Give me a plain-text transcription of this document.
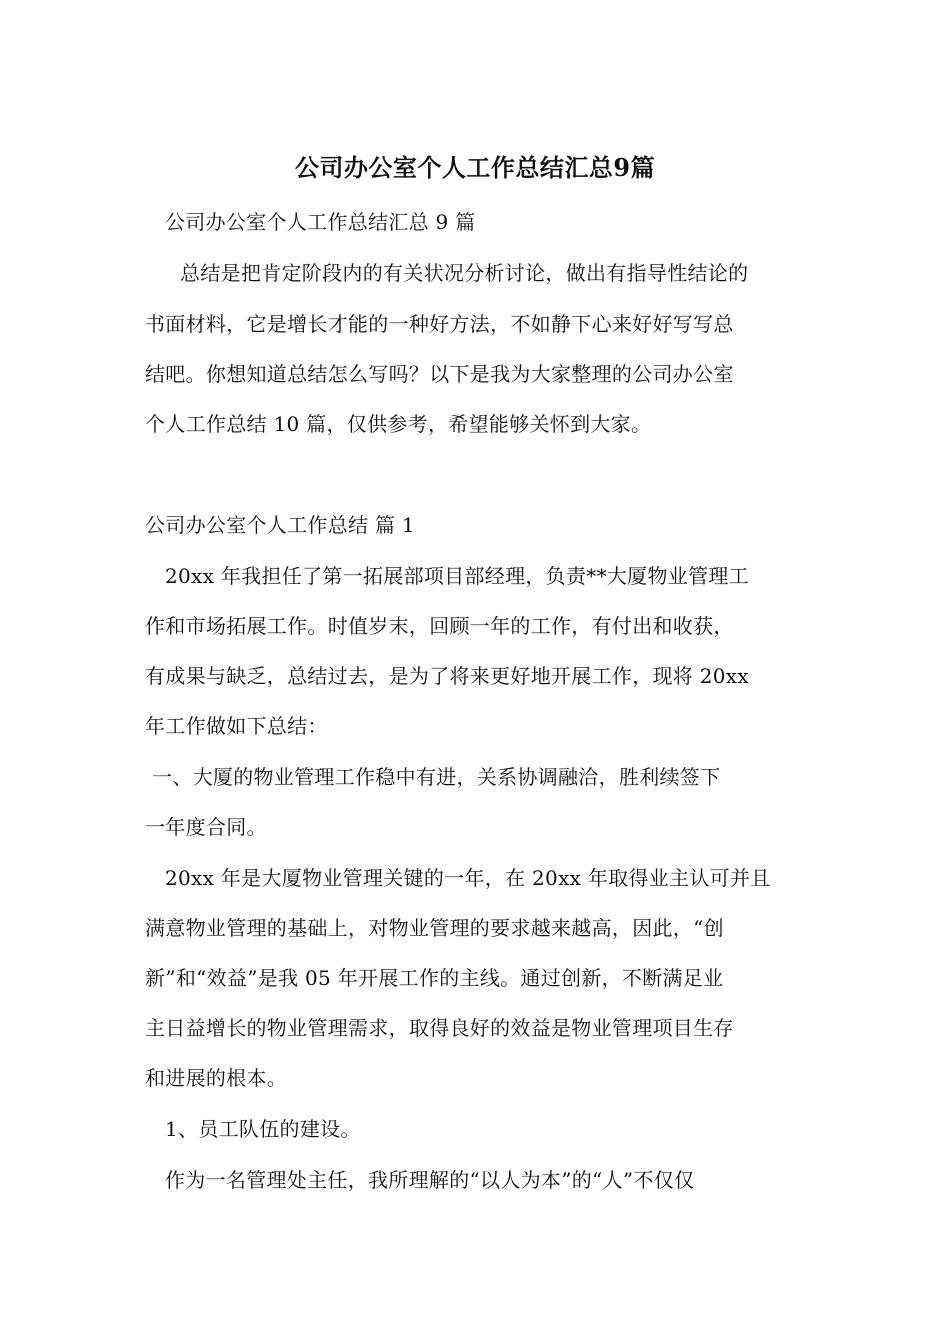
公司办公室个人工作总结汇总9篇
公司办公室个人工作总结汇总 9 篇
总结是把肯定阶段内的有关状况分析讨论，做出有指导性结论的
书面材料，它是增长才能的一种好方法，不如静下心来好好写写总
结吧。你想知道总结怎么写吗？以下是我为大家整理的公司办公室
个人工作总结 10 篇，仅供参考，希望能够关怀到大家。
公司办公室个人工作总结 篇 1
20xx 年我担任了第一拓展部项目部经理，负责**大厦物业管理工
作和市场拓展工作。时值岁末，回顾一年的工作，有付出和收获，
有成果与缺乏，总结过去，是为了将来更好地开展工作，现将 20xx
年工作做如下总结：
一、大厦的物业管理工作稳中有进，关系协调融洽，胜利续签下
一年度合同。
20xx 年是大厦物业管理关键的一年，在 20xx 年取得业主认可并且
满意物业管理的基础上，对物业管理的要求越来越高，因此，“创
新”和“效益”是我 05 年开展工作的主线。通过创新，不断满足业
主日益增长的物业管理需求，取得良好的效益是物业管理项目生存
和进展的根本。
1、员工队伍的建设。
作为一名管理处主任，我所理解的“以人为本”的“人”不仅仅
